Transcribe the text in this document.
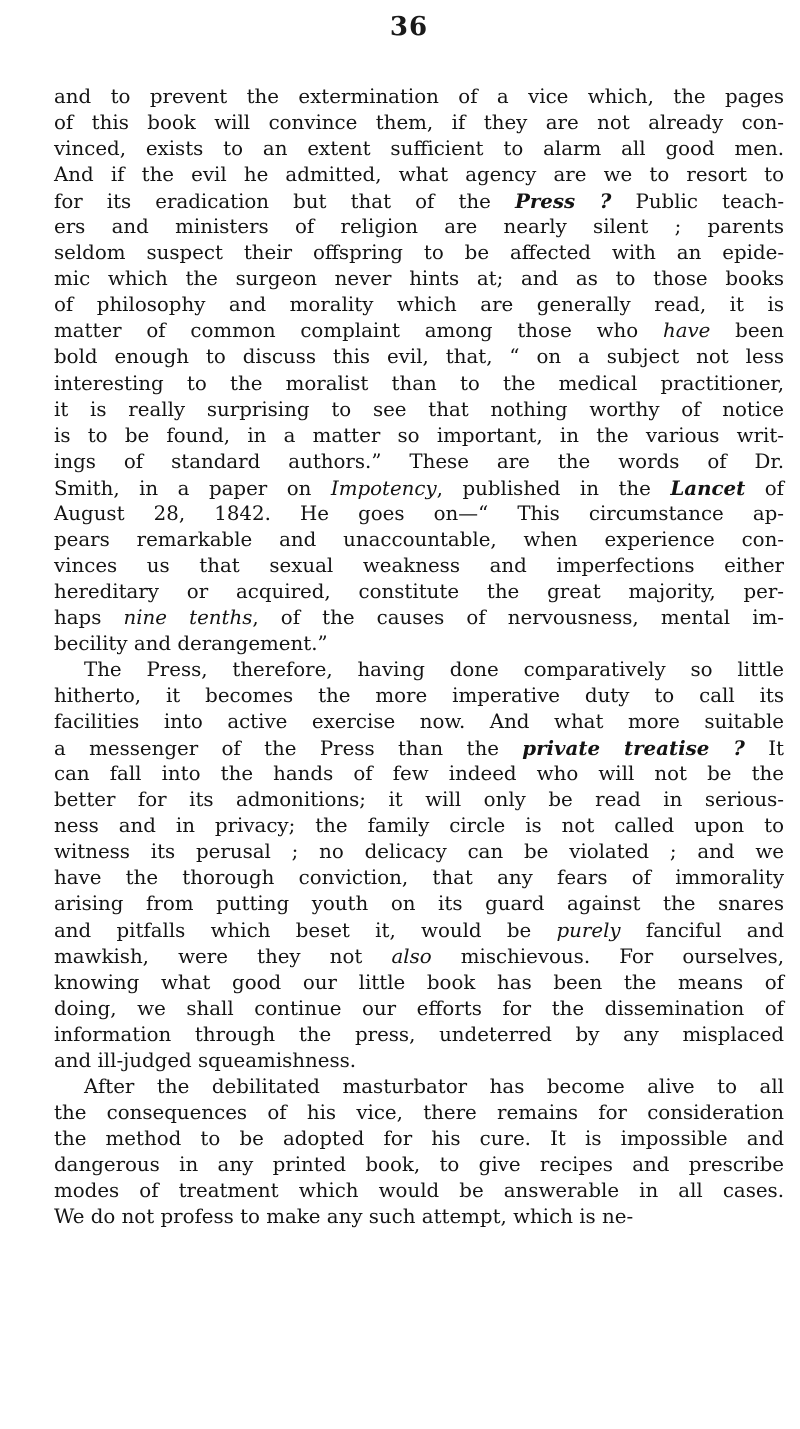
36
and to prevent the extermination of a vice which, the pages
of this book will convince them, if they are not already con-
vinced, exists to an extent sufficient to alarm all good men.
And if the evil he admitted, what agency are we to resort to
for its eradication but that of the Press ? Public teach-
ers and ministers of religion are nearly silent ; parents
seldom suspect their offspring to be affected with an epide-
mic which the surgeon never hints at; and as to those books
of philosophy and morality which are generally read, it is
matter of common complaint among those who have been
bold enough to discuss this evil, that, “ on a subject not less
interesting to the moralist than to the medical practitioner,
it is really surprising to see that nothing worthy of notice
is to be found, in a matter so important, in the various writ-
ings of standard authors.” These are the words of Dr.
Smith, in a paper on Impotency, published in the Lancet of
August 28, 1842. He goes on—“ This circumstance ap-
pears remarkable and unaccountable, when experience con-
vinces us that sexual weakness and imperfections either
hereditary or acquired, constitute the great majority, per-
haps nine tenths, of the causes of nervousness, mental im-
becility and derangement.”
The Press, therefore, having done comparatively so little
hitherto, it becomes the more imperative duty to call its
facilities into active exercise now. And what more suitable
a messenger of the Press than the private treatise ? It
can fall into the hands of few indeed who will not be the
better for its admonitions; it will only be read in serious-
ness and in privacy; the family circle is not called upon to
witness its perusal ; no delicacy can be violated ; and we
have the thorough conviction, that any fears of immorality
arising from putting youth on its guard against the snares
and pitfalls which beset it, would be purely fanciful and
mawkish, were they not also mischievous. For ourselves,
knowing what good our little book has been the means of
doing, we shall continue our efforts for the dissemination of
information through the press, undeterred by any misplaced
and ill-judged squeamishness.
After the debilitated masturbator has become alive to all
the consequences of his vice, there remains for consideration
the method to be adopted for his cure. It is impossible and
dangerous in any printed book, to give recipes and prescribe
modes of treatment which would be answerable in all cases.
We do not profess to make any such attempt, which is ne-
